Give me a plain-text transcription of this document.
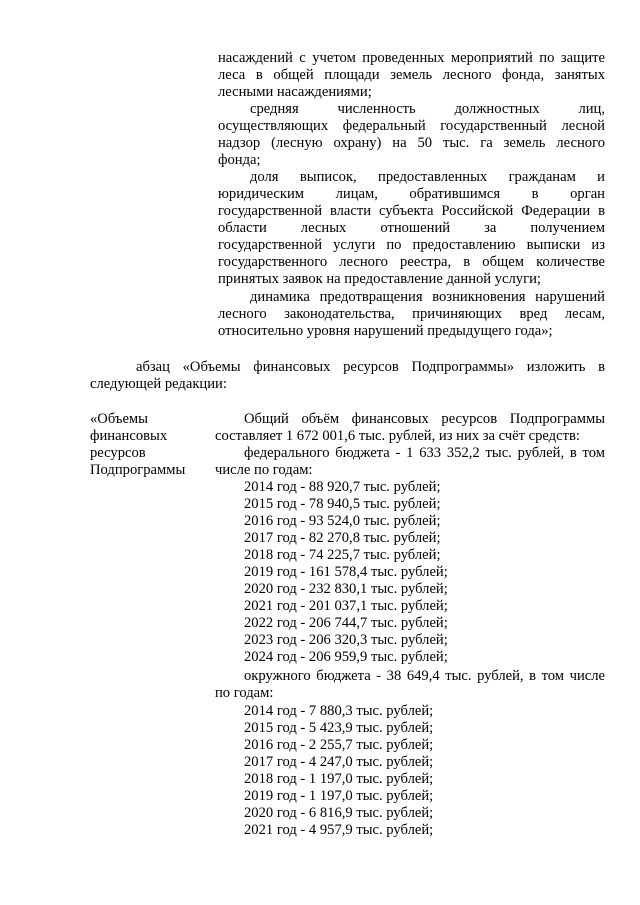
насаждений с учетом проведенных мероприятий по защите
леса в общей площади земель лесного фонда, занятых
лесными насаждениями;
средняя численность должностных лиц,
осуществляющих федеральный государственный лесной
надзор (лесную охрану) на 50 тыс. га земель лесного
фонда;
доля выписок, предоставленных гражданам и
юридическим лицам, обратившимся в орган
государственной власти субъекта Российской Федерации в
области лесных отношений за получением
государственной услуги по предоставлению выписки из
государственного лесного реестра, в общем количестве
принятых заявок на предоставление данной услуги;
динамика предотвращения возникновения нарушений
лесного законодательства, причиняющих вред лесам,
относительно уровня нарушений предыдущего года»;
абзац «Объемы финансовых ресурсов Подпрограммы» изложить в
следующей редакции:
«Объемы
финансовых
ресурсов
Подпрограммы
Общий объём финансовых ресурсов Подпрограммы
составляет 1 672 001,6 тыс. рублей, из них за счёт средств:
федерального бюджета - 1 633 352,2 тыс. рублей, в том
числе по годам:
2014 год - 88 920,7 тыс. рублей;
2015 год - 78 940,5 тыс. рублей;
2016 год - 93 524,0 тыс. рублей;
2017 год - 82 270,8 тыс. рублей;
2018 год - 74 225,7 тыс. рублей;
2019 год - 161 578,4 тыс. рублей;
2020 год - 232 830,1 тыс. рублей;
2021 год - 201 037,1 тыс. рублей;
2022 год - 206 744,7 тыс. рублей;
2023 год - 206 320,3 тыс. рублей;
2024 год - 206 959,9 тыс. рублей;
окружного бюджета - 38 649,4 тыс. рублей, в том числе
по годам:
2014 год - 7 880,3 тыс. рублей;
2015 год - 5 423,9 тыс. рублей;
2016 год - 2 255,7 тыс. рублей;
2017 год - 4 247,0 тыс. рублей;
2018 год - 1 197,0 тыс. рублей;
2019 год - 1 197,0 тыс. рублей;
2020 год - 6 816,9 тыс. рублей;
2021 год - 4 957,9 тыс. рублей;
